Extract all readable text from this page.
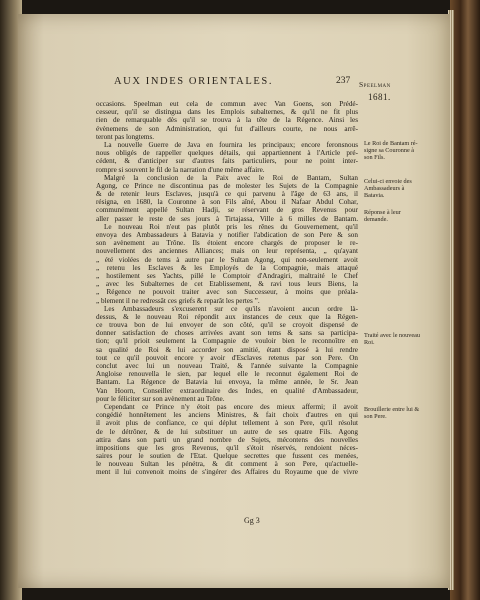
AUX INDES ORIENTALES.	237 Speelman
1681.
occasions. Speelman eut cela de commun avec Van Goens, son Prédé-
cesseur, qu'il se distingua dans les Emplois subalternes, & qu'il ne fit plus
rien de remarquable dès qu'il se trouva à la tête de la Régence. Ainsi les
évènemens de son Administration, qui fut d'ailleurs courte, ne nous arrê-
teront pas longtems.
La nouvelle Guerre de Java en fournira les principaux; encore feronsnous
nous obligés de rappeller quelques détails, qui appartiennent à l'Article pré-
cédent, & d'anticiper sur d'autres faits particuliers, pour ne point inter-
rompre si souvent le fil de la narration d'une même affaire.
Malgré la conclusion de la Paix avec le Roi de Bantam, Sultan
Agong, ce Prince ne discontinua pas de molester les Sujets de la Compagnie
& de retenir leurs Esclaves, jusqu'à ce qui parvenu à l'âge de 63 ans, il
résigna, en 1680, la Couronne à son Fils aîné, Abou il Nafaar Abdul Cohar,
communément appellé Sultan Hadji, se réservant de gros Revenus pour
aller passer le reste de ses jours à Tirtajassa, Ville à 6 milles de Bantam.
Le nouveau Roi n'eut pas plutôt pris les rênes du Gouvernement, qu'il
envoya des Ambassadeurs à Batavia y notifier l'abdication de son Pere & son
son avènement au Trône. Ils étoient encore chargés de proposer le re-
nouvellement des anciennes Alliances; mais on leur représenta, „ qu'ayant
„ été violées de tems à autre par le Sultan Agong, qui non-seulement avoit
„ retenu les Esclaves & les Employés de la Compagnie, mais attaqué
„ hostilement ses Yachts, pillé le Comptoir d'Andragiri, maltraité le Chef
„ avec les Subalternes de cet Etablissement, & ravi tous leurs Biens, la
„ Régence ne pouvoit traiter avec son Successeur, à moins que préala-
„ blement il ne redressât ces griefs & reparât les pertes ”.
Les Ambassadeurs s'excuserent sur ce qu'ils n'avoient aucun ordre là-
dessus, & le nouveau Roi répondit aux instances de ceux que la Régen-
ce trouva bon de lui envoyer de son côté, qu'il se croyoit dispensé de
donner satisfaction de choses arrivées avant son tems & sans sa participa-
tion; qu'il prioit seulement la Compagnie de vouloir bien le reconnoître en
sa qualité de Roi & lui accorder son amitié, étant disposé à lui rendre
tout ce qu'il pouvoit encore y avoir d'Esclaves retenus par son Pere. On
conclut avec lui un nouveau Traité, & l'année suivante la Compagnie
Angloise renouvella le sien, par lequel elle le reconnut également Roi de
Bantam. La Régence de Batavia lui envoya, la même année, le Sr. Jean
Van Hoorn, Conseiller extraordinaire des Indes, en qualité d'Ambassadeur,
pour le féliciter sur son avènement au Trône.
Cependant ce Prince n'y étoit pas encore des mieux affermi; il avoit
congédié honnêtement les anciens Ministres, & fait choix d'autres en qui
il avoit plus de confiance, ce qui déplut tellement à son Pere, qu'il résolut
de le détrôner, & de lui substituer un autre de ses quatre Fils. Agong
attira dans son parti un grand nombre de Sujets, mécontens des nouvelles
impositions que les gros Revenus, qu'il s'étoit réservés, rendoient néces-
saires pour le soutien de l'Etat. Quelque secrettes que fussent ces menées,
le nouveau Sultan les pénétra, & dit comment à son Pere, qu'actuelle-
ment il lui convenoit moins de s'ingérer des Affaires du Royaume que de vivre
Le Roi de Bantam ré- signe sa Couronne à son Fils.
Celui-ci envoie des Ambassadeurs à Batavia.
Réponse à leur demande.
Traité avec le nouveau Roi.
Brouillerie entre lui & son Pere.
Gg 3
